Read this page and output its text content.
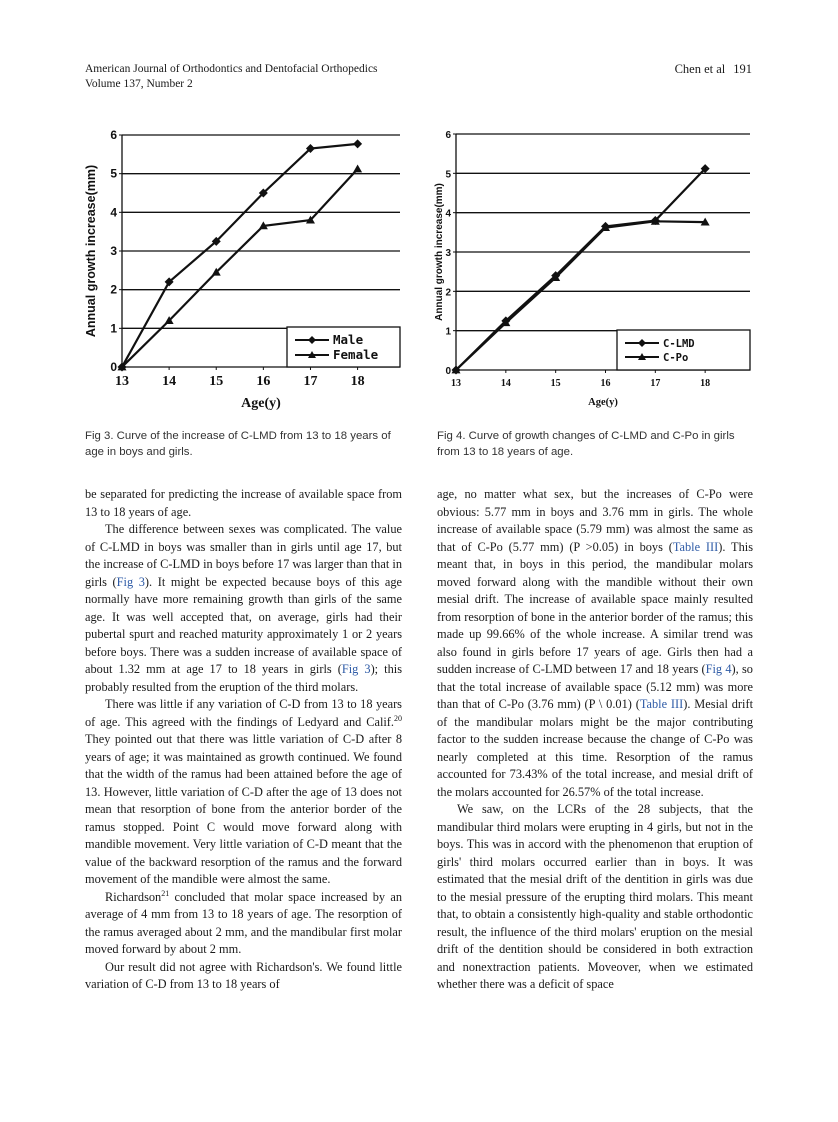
American Journal of Orthodontics and Dentofacial Orthopedics
Volume 137, Number 2
Chen et al 191
0
1
2
3
4
5
6
13 14 15 16 17 18
Age(y)
Annual growth increase(mm)
Male
Female
0
1
2
3
4
5
6
13	14	15	16	17	18
Age(y)
Annual growth increase(mm)
C-LMD
C-Po
Fig 3. Curve of the increase of C-LMD from 13 to 18 years of age in boys and girls.
Fig 4. Curve of growth changes of C-LMD and C-Po in girls from 13 to 18 years of age.

be separated for predicting the increase of available space from 13 to 18 years of age.

The difference between sexes was complicated. The value of C-LMD in boys was smaller than in girls until age 17, but the increase of C-LMD in boys before 17 was larger than that in girls (Fig 3). It might be expected because boys of this age normally have more remaining growth than girls of the same age. It was well accepted that, on average, girls had their pubertal spurt and reached maturity approximately 1 or 2 years before boys. There was a sudden increase of available space of about 1.32 mm at age 17 to 18 years in girls (Fig 3); this probably resulted from the eruption of the third molars.

There was little if any variation of C-D from 13 to 18 years of age. This agreed with the findings of Ledyard and Calif.$^{20}$ They pointed out that there was little variation of C-D after 8 years of age; it was maintained as growth continued. We found that the width of the ramus had been attained before the age of 13. However, little variation of C-D after the age of 13 does not mean that resorption of bone from the anterior border of the ramus stopped. Point C would move forward along with mandible movement. Very little variation of C-D meant that the value of the backward resorption of the ramus and the forward movement of the mandible were almost the same.

Richardson$^{21}$ concluded that molar space increased by an average of 4 mm from 13 to 18 years of age. The resorption of the ramus averaged about 2 mm, and the mandibular first molar moved forward by about 2 mm.

Our result did not agree with Richardson's. We found little variation of C-D from 13 to 18 years of

age, no matter what sex, but the increases of C-Po were obvious: 5.77 mm in boys and 3.76 mm in girls. The whole increase of available space (5.79 mm) was almost the same as that of C-Po (5.77 mm) (P >0.05) in boys (Table III). This meant that, in boys in this period, the mandibular molars moved forward along with the mandible without their own mesial drift. The increase of available space mainly resulted from resorption of bone in the anterior border of the ramus; this made up 99.66% of the whole increase. A similar trend was also found in girls before 17 years of age. Girls then had a sudden increase of C-LMD between 17 and 18 years (Fig 4), so that the total increase of available space (5.12 mm) was more than that of C-Po (3.76 mm) (P \ 0.01) (Table III). Mesial drift of the mandibular molars might be the major contributing factor to the sudden increase because the change of C-Po was nearly completed at this time. Resorption of the ramus accounted for 73.43% of the total increase, and mesial drift of the molars accounted for 26.57% of the total increase.

We saw, on the LCRs of the 28 subjects, that the mandibular third molars were erupting in 4 girls, but not in the boys. This was in accord with the phenomenon that eruption of girls' third molars occurred earlier than in boys. It was estimated that the mesial drift of the dentition in girls was due to the mesial pressure of the erupting third molars. This meant that, to obtain a consistently high-quality and stable orthodontic result, the influence of the third molars' eruption on the mesial drift of the dentition should be considered in both extraction and nonextraction patients. Moveover, when we estimated whether there was a deficit of space
